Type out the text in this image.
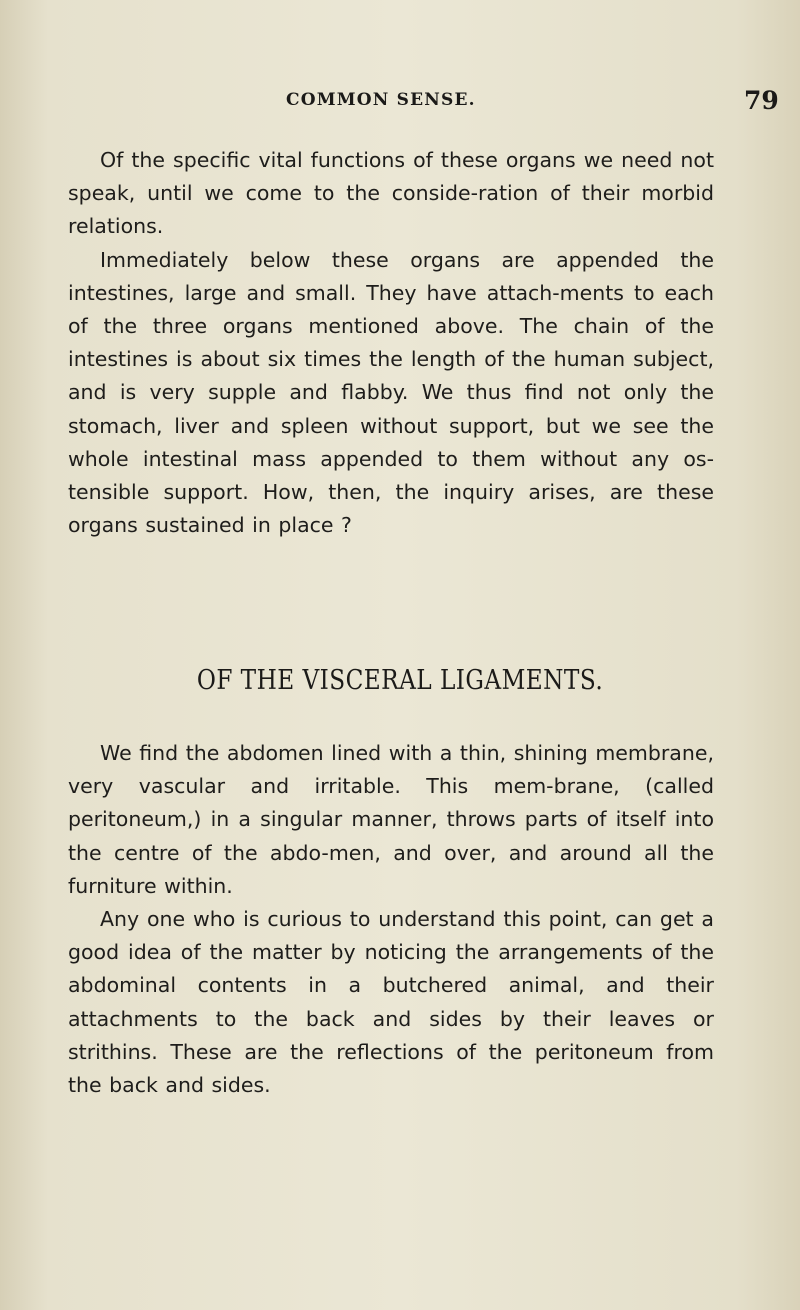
COMMON SENSE.	79

Of the specific vital functions of these organs we need not speak, until we come to the conside-ration of their morbid relations.

Immediately below these organs are appended the intestines, large and small. They have attach-ments to each of the three organs mentioned above. The chain of the intestines is about six times the length of the human subject, and is very supple and flabby. We thus find not only the stomach, liver and spleen without support, but we see the whole intestinal mass appended to them without any os-tensible support. How, then, the inquiry arises, are these organs sustained in place ?

OF THE VISCERAL LIGAMENTS.

We find the abdomen lined with a thin, shining membrane, very vascular and irritable. This mem-brane, (called peritoneum,) in a singular manner, throws parts of itself into the centre of the abdo-men, and over, and around all the furniture within.

Any one who is curious to understand this point, can get a good idea of the matter by noticing the arrangements of the abdominal contents in a butchered animal, and their attachments to the back and sides by their leaves or strithins. These are the reflections of the peritoneum from the back and sides.
